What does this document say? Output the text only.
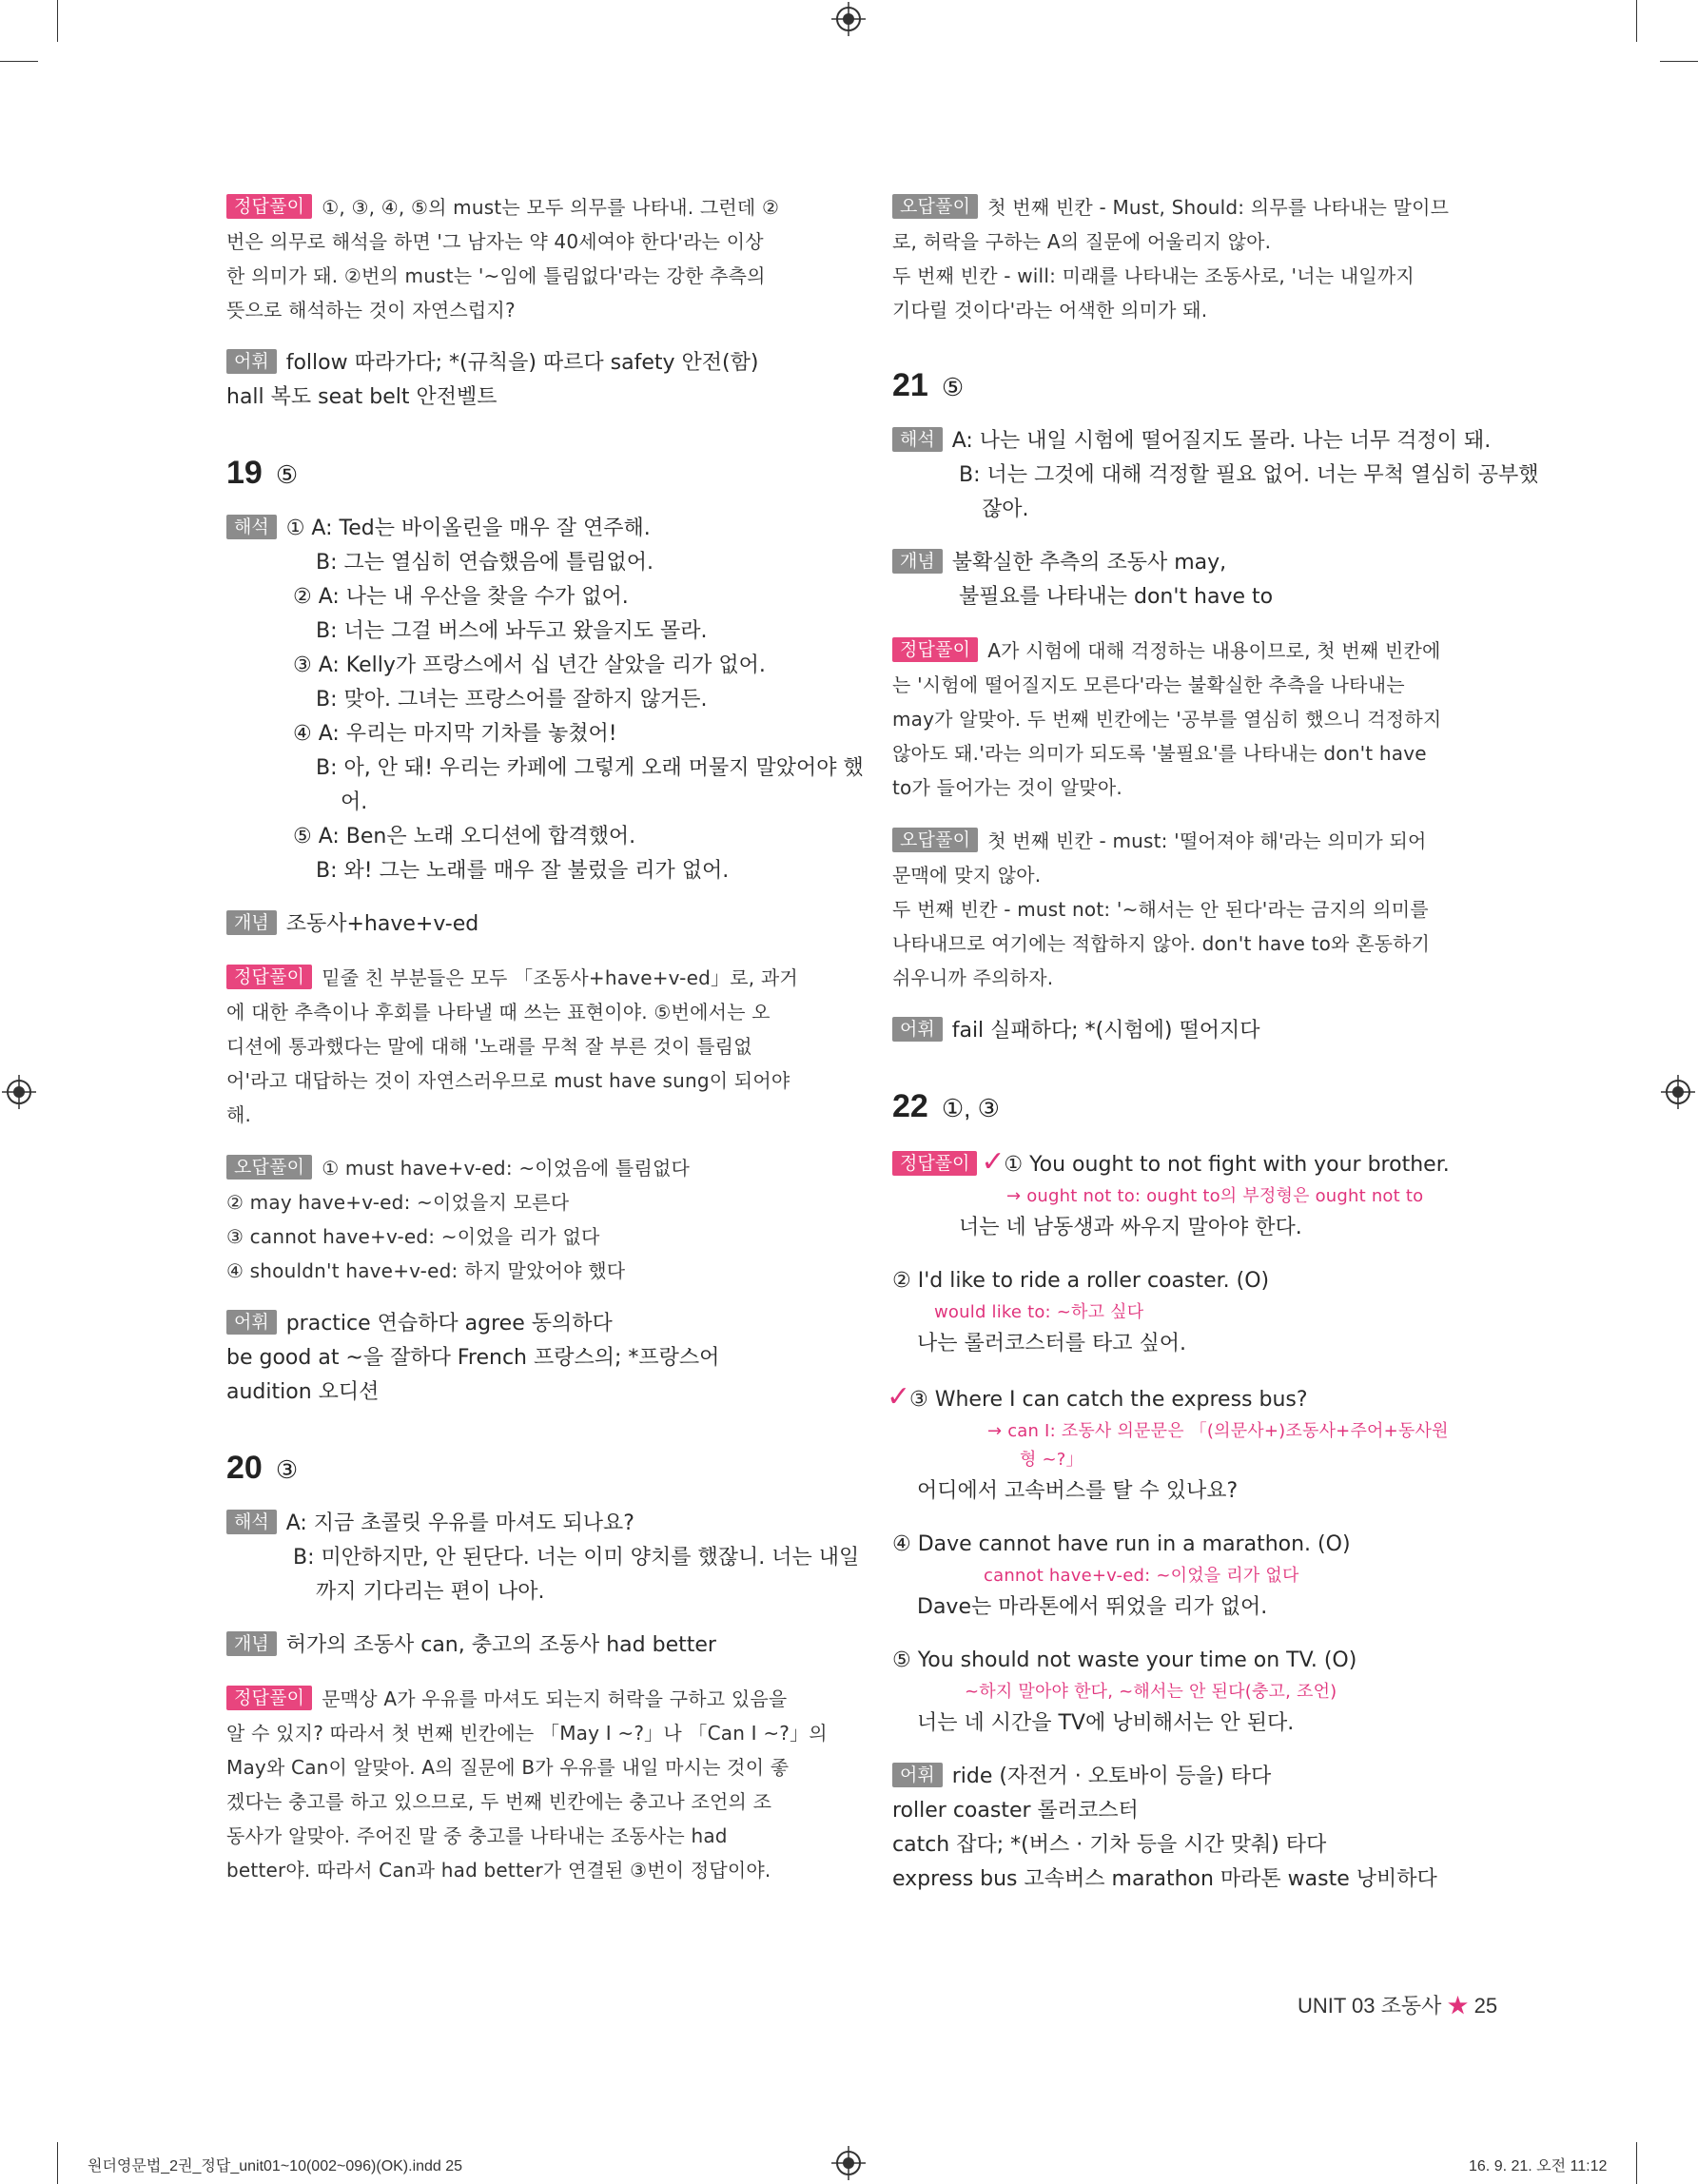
정답풀이 ①, ③, ④, ⑤의 must는 모두 의무를 나타내. 그런데 ②
번은 의무로 해석을 하면 '그 남자는 약 40세여야 한다'라는 이상
한 의미가 돼. ②번의 must는 '~임에 틀림없다'라는 강한 추측의
뜻으로 해석하는 것이 자연스럽지?
어휘 follow 따라가다; *(규칙을) 따르다 safety 안전(함)
hall 복도 seat belt 안전벨트
19 ⑤
해석 ① A: Ted는 바이올린을 매우 잘 연주해.
B: 그는 열심히 연습했음에 틀림없어.
② A: 나는 내 우산을 찾을 수가 없어.
B: 너는 그걸 버스에 놔두고 왔을지도 몰라.
③ A: Kelly가 프랑스에서 십 년간 살았을 리가 없어.
B: 맞아. 그녀는 프랑스어를 잘하지 않거든.
④ A: 우리는 마지막 기차를 놓쳤어!
B: 아, 안 돼! 우리는 카페에 그렇게 오래 머물지 말았어야 했
어.
⑤ A: Ben은 노래 오디션에 합격했어.
B: 와! 그는 노래를 매우 잘 불렀을 리가 없어.
개념 조동사+have+v-ed
정답풀이 밑줄 친 부분들은 모두 「조동사+have+v-ed」로, 과거
에 대한 추측이나 후회를 나타낼 때 쓰는 표현이야. ⑤번에서는 오
디션에 통과했다는 말에 대해 '노래를 무척 잘 부른 것이 틀림없
어'라고 대답하는 것이 자연스러우므로 must have sung이 되어야
해.
오답풀이 ① must have+v-ed: ~이었음에 틀림없다
② may have+v-ed: ~이었을지 모른다
③ cannot have+v-ed: ~이었을 리가 없다
④ shouldn't have+v-ed: 하지 말았어야 했다
어휘 practice 연습하다 agree 동의하다
be good at ~을 잘하다 French 프랑스의; *프랑스어
audition 오디션
20 ③
해석 A: 지금 초콜릿 우유를 마셔도 되나요?
B: 미안하지만, 안 된단다. 너는 이미 양치를 했잖니. 너는 내일
까지 기다리는 편이 나아.
개념 허가의 조동사 can, 충고의 조동사 had better
정답풀이 문맥상 A가 우유를 마셔도 되는지 허락을 구하고 있음을
알 수 있지? 따라서 첫 번째 빈칸에는 「May I ~?」나 「Can I ~?」의
May와 Can이 알맞아. A의 질문에 B가 우유를 내일 마시는 것이 좋
겠다는 충고를 하고 있으므로, 두 번째 빈칸에는 충고나 조언의 조
동사가 알맞아. 주어진 말 중 충고를 나타내는 조동사는 had
better야. 따라서 Can과 had better가 연결된 ③번이 정답이야.
오답풀이 첫 번째 빈칸 - Must, Should: 의무를 나타내는 말이므
로, 허락을 구하는 A의 질문에 어울리지 않아.
두 번째 빈칸 - will: 미래를 나타내는 조동사로, '너는 내일까지
기다릴 것이다'라는 어색한 의미가 돼.
21 ⑤
해석 A: 나는 내일 시험에 떨어질지도 몰라. 나는 너무 걱정이 돼.
B: 너는 그것에 대해 걱정할 필요 없어. 너는 무척 열심히 공부했
잖아.
개념 불확실한 추측의 조동사 may,
불필요를 나타내는 don't have to
정답풀이 A가 시험에 대해 걱정하는 내용이므로, 첫 번째 빈칸에
는 '시험에 떨어질지도 모른다'라는 불확실한 추측을 나타내는
may가 알맞아. 두 번째 빈칸에는 '공부를 열심히 했으니 걱정하지
않아도 돼.'라는 의미가 되도록 '불필요'를 나타내는 don't have
to가 들어가는 것이 알맞아.
오답풀이 첫 번째 빈칸 - must: '떨어져야 해'라는 의미가 되어
문맥에 맞지 않아.
두 번째 빈칸 - must not: '~해서는 안 된다'라는 금지의 의미를
나타내므로 여기에는 적합하지 않아. don't have to와 혼동하기
쉬우니까 주의하자.
어휘 fail 실패하다; *(시험에) 떨어지다
22 ①, ③
정답풀이 ✓① You ought to not fight with your brother.
→ ought not to: ought to의 부정형은 ought not to
너는 네 남동생과 싸우지 말아야 한다.
② I'd like to ride a roller coaster. (O)
would like to: ~하고 싶다
나는 롤러코스터를 타고 싶어.
✓③ Where I can catch the express bus?
→ can I: 조동사 의문문은 「(의문사+)조동사+주어+동사원
형 ~?」
어디에서 고속버스를 탈 수 있나요?
④ Dave cannot have run in a marathon. (O)
cannot have+v-ed: ~이었을 리가 없다
Dave는 마라톤에서 뛰었을 리가 없어.
⑤ You should not waste your time on TV. (O)
~하지 말아야 한다, ~해서는 안 된다(충고, 조언)
너는 네 시간을 TV에 낭비해서는 안 된다.
어휘 ride (자전거 · 오토바이 등을) 타다
roller coaster 롤러코스터
catch 잡다; *(버스 · 기차 등을 시간 맞춰) 타다
express bus 고속버스 marathon 마라톤 waste 낭비하다
UNIT 03 조동사 ★ 25
원더영문법_2권_정답_unit01~10(002~096)(OK).indd 25	16. 9. 21. 오전 11:12
